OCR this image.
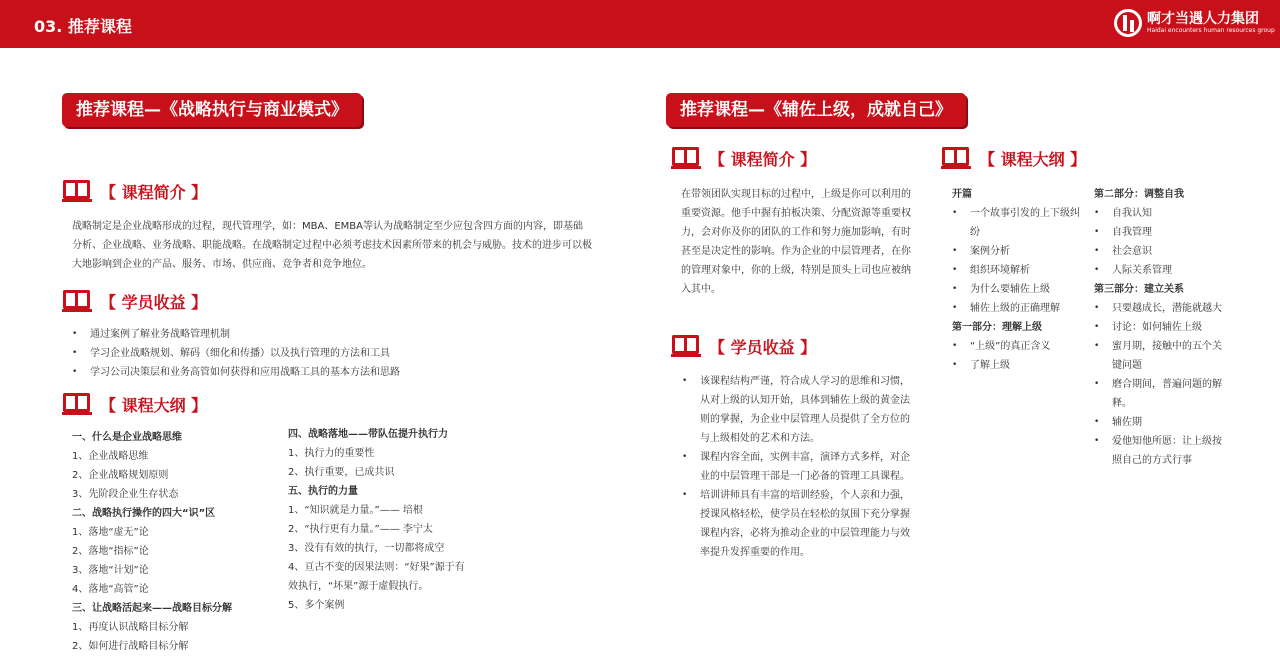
03. 推荐课程	啊才当遇人力集团
Haidai encounters human resources group
推荐课程—《战略执行与商业模式》
【 课程简介 】
战略制定是企业战略形成的过程，现代管理学，如：MBA、EMBA等认为战略制定至少应包含四方面的内容，即基础分析、企业战略、业务战略、职能战略。在战略制定过程中必须考虑技术因素所带来的机会与威胁。技术的进步可以极大地影响到企业的产品、服务、市场、供应商、竞争者和竞争地位。
【 学员收益 】
• 通过案例了解业务战略管理机制
• 学习企业战略规划、解码（细化和传播）以及执行管理的方法和工具
• 学习公司决策层和业务高管如何获得和应用战略工具的基本方法和思路
【 课程大纲 】
一、什么是企业战略思维
1、企业战略思维
2、企业战略规划原则
3、先阶段企业生存状态
二、战略执行操作的四大“识”区
1、落地“虚无”论
2、落地“指标”论
3、落地“计划”论
4、落地“高管”论
三、让战略活起来——战略目标分解
1、再度认识战略目标分解
2、如何进行战略目标分解
四、战略落地——带队伍提升执行力
1、执行力的重要性
2、执行重要，已成共识
五、执行的力量
1、“知识就是力量。”—— 培根
2、“执行更有力量。”—— 李宁太
3、没有有效的执行，一切都将成空
4、亘古不变的因果法则：“好果”源于有
效执行，“坏果”源于虚假执行。
5、多个案例
推荐课程—《辅佐上级，成就自己》
【 课程简介 】
在带领团队实现目标的过程中，上级是你可以利用的重要资源。他手中握有拍板决策、分配资源等重要权力，会对你及你的团队的工作和努力施加影响，有时甚至是决定性的影响。作为企业的中层管理者，在你的管理对象中，你的上级，特别是顶头上司也应被纳入其中。
【 学员收益 】
• 该课程结构严谨，符合成人学习的思维和习惯，从对上级的认知开始，具体到辅佐上级的黄金法则的掌握，为企业中层管理人员提供了全方位的与上级相处的艺术和方法。
• 课程内容全面，实例丰富，演译方式多样，对企业的中层管理干部是一门必备的管理工具课程。
• 培训讲师具有丰富的培训经验，个人亲和力强，授课风格轻松，使学员在轻松的氛围下充分掌握课程内容，必将为推动企业的中层管理能力与效率提升发挥重要的作用。
【 课程大纲 】
开篇
• 一个故事引发的上下级纠纷
• 案例分析
• 组织环境解析
• 为什么要辅佐上级
• 辅佐上级的正确理解
第一部分：理解上级
• “上级”的真正含义
• 了解上级
第二部分：调整自我
• 自我认知
• 自我管理
• 社会意识
• 人际关系管理
第三部分：建立关系
• 只要越成长，潜能就越大
• 讨论：如何辅佐上级
• 蜜月期，接触中的五个关键问题
• 磨合期间，普遍问题的解释。
• 辅佐期
• 爱他知他所愿：让上级按照自己的方式行事
